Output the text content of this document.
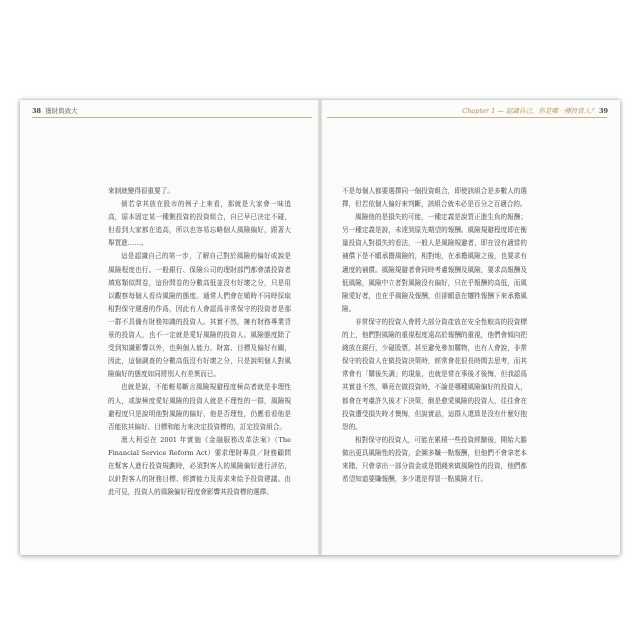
38 獲財與致大

來制就變得很重要了。

倘若拿其放在股市的例子上來看，那就是大家會一味追高，原本固定某一種側投資的投資組合，自已早已決定不碰，但看到大家都在追高，所以也容易忘略個人風險偏好，跟著大舉買進……。

這是認識自己的第一步，了解自己對於風險的偏好或說是風險程度也行。一般銀行、保險公司的理財部門都會請投資者填寫類似問卷，這份問卷的分數高低並沒有好壞之分，只是用以觀察每個人看待風險的態度。通常人們會在順時不同時採取相對保守週邊的作爲，因此有人會認爲非常保守的投資者是那一群不具備有財務知識的投資人。其實不然，擁有財務專業背景的投資人，也不一定就是愛好風險的投資人。風險態度除了受到知識影響以外，也與個人能力、財富、目標及偏好有關，因此，這個調查的分數高低沒有好壞之分，只是說明個人對風險偏好的態度如同將別人有差異而已。

也就是說，不能輕易斷言風險規避程度極高者就是非理性的人，或說極度愛好風險的投資人就是不理性的一群，風險規避程度只是說明他對風險的偏好，他是否理性，仍應看看他是否能依其偏好、目標和能力來決定投資標的，訂定投資組合。

澳大利亞在 2001 年實施《金融服務改革法案》（The Financial Service Reform Act）要求理財專員／財務顧問在幫客人進行投資規劃時，必須對客人的風險偏好進行評估，以針對客人的財務目標、經濟能力及需求來給予投資建議。由此可見，投資人的風險偏好程度會影響其投資標的選擇。

Chapter 1 — 認識自己，你是哪一種投資人？ 39

不是每個人都要選擇同一個投資組合，即使該組合是多數人的選擇，但若依個人偏好來判斷，該組合就未必是百分之百適合的。

風險他的是損失的可能，一種定義是說買正進生負的報酬；另一種定義是說，未達到原先期望的報酬。風險規避程度即在衡量投資人對損失的看法，一般人是風險規避者，即在沒有適當的補償下是不願承擔風險的，相對地，在承擔風險之後，也要求有適度的補償。風險規避者會同時考慮報酬及風險，要求高報酬及低風險，風險中立者對風險沒有偏好，只在乎報酬的高低，而風險愛好者，也在乎風險及報酬，但卻願意在犧牲報酬下來承擔風險。

非常保守的投資人會將大部分資產放在安全性較高的投資標的上，他們對風險的重視程度遠高於報酬的重視，他們會傾向把錢放在銀行，少碰股票，甚至避免參加購物，也有人會說，非常保守的投資人在做投資決策時，經常會花很長時間去思考，而其常會有「購後失調」的現象，也就是常在事後才後悔，但我認爲其實並不然，畢竟在做投資時，不論是哪種風險偏好的投資人，都會在考慮許久後才下決策，倒是愈愛風險的投資人，往往會在投資遭受損失時才懊悔，但說實話，這群人還算是沒有什麼好抱怨的。

相對保守的投資人，可能在累積一些投資經驗後，開始大膽做出更具風險性的投資，企圖多賺一點報酬，但他們不會拿老本來賭，只會拿出一部分資金或是閒錢來做風險性的投資，他們都希望知道要賺報酬，多少還是得冒一點風險才行。
